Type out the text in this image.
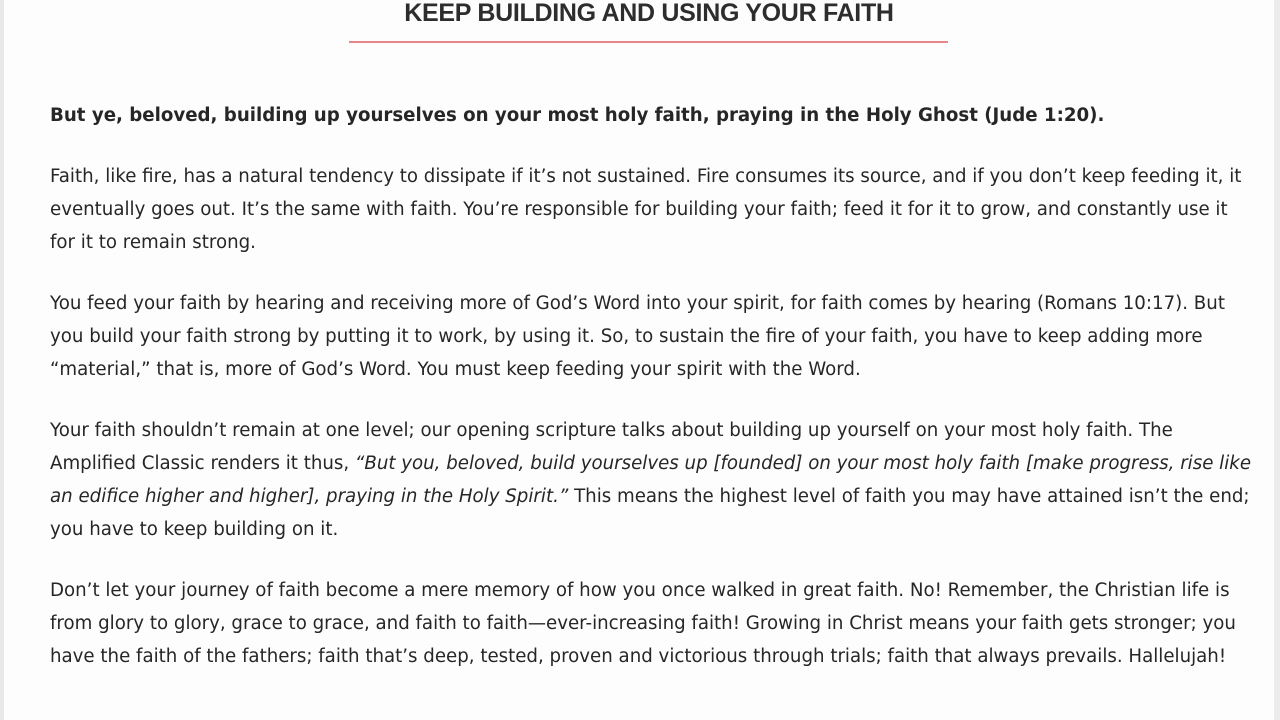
KEEP BUILDING AND USING YOUR FAITH

But ye, beloved, building up yourselves on your most holy faith, praying in the Holy Ghost (Jude 1:20).

Faith, like fire, has a natural tendency to dissipate if it’s not sustained. Fire consumes its source, and if you don’t keep feeding it, it eventually goes out. It’s the same with faith. You’re responsible for building your faith; feed it for it to grow, and constantly use it for it to remain strong.

You feed your faith by hearing and receiving more of God’s Word into your spirit, for faith comes by hearing (Romans 10:17). But you build your faith strong by putting it to work, by using it. So, to sustain the fire of your faith, you have to keep adding more “material,” that is, more of God’s Word. You must keep feeding your spirit with the Word.

Your faith shouldn’t remain at one level; our opening scripture talks about building up yourself on your most holy faith. The Amplified Classic renders it thus, “But you, beloved, build yourselves up [founded] on your most holy faith [make progress, rise like an edifice higher and higher], praying in the Holy Spirit.” This means the highest level of faith you may have attained isn’t the end; you have to keep building on it.

Don’t let your journey of faith become a mere memory of how you once walked in great faith. No! Remember, the Christian life is from glory to glory, grace to grace, and faith to faith—ever-increasing faith! Growing in Christ means your faith gets stronger; you have the faith of the fathers; faith that’s deep, tested, proven and victorious through trials; faith that always prevails. Hallelujah!
